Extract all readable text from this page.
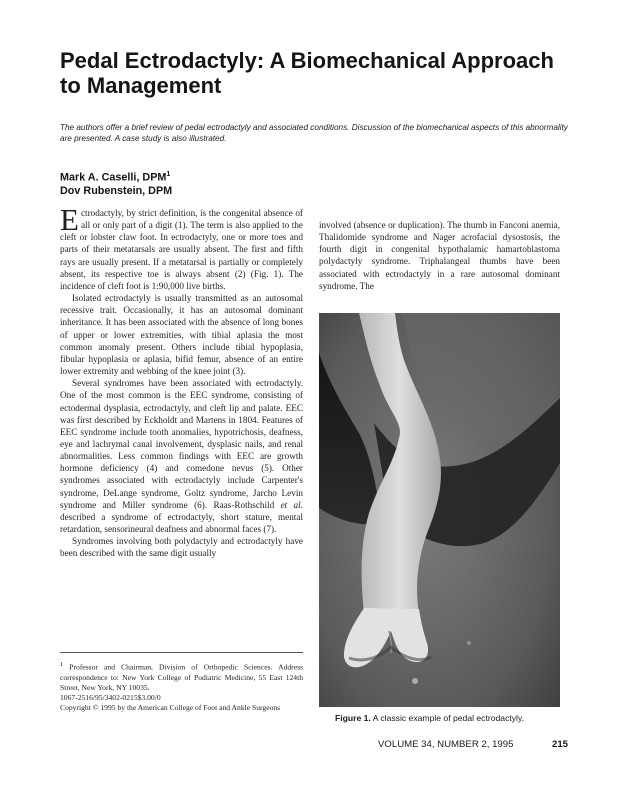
Pedal Ectrodactyly: A Biomechanical Approach to Management

The authors offer a brief review of pedal ectrodactyly and associated conditions. Discussion of the biomechanical aspects of this abnormality are presented. A case study is also illustrated.

Mark A. Caselli, DPM$^1$
Dov Rubenstein, DPM

Ectrodactyly, by strict definition, is the congenital absence of all or only part of a digit (1). The term is also applied to the cleft or lobster claw foot. In ectrodactyly, one or more toes and parts of their metatarsals are usually absent. The first and fifth rays are usually present. If a metatarsal is partially or completely absent, its respective toe is always absent (2) (Fig. 1). The incidence of cleft foot is 1:90,000 live births.

Isolated ectrodactyly is usually transmitted as an autosomal recessive trait. Occasionally, it has an autosomal dominant inheritance. It has been associated with the absence of long bones of upper or lower extremities, with tibial aplasia the most common anomaly present. Others include tibial hypoplasia, fibular hypoplasia or aplasia, bifid femur, absence of an entire lower extremity and webbing of the knee joint (3).

Several syndromes have been associated with ectrodactyly. One of the most common is the EEC syndrome, consisting of ectodermal dysplasia, ectrodactyly, and cleft lip and palate. EEC was first described by Eckholdt and Martens in 1804. Features of EEC syndrome include tooth anomalies, hypotrichosis, deafness, eye and lachrymal canal involvement, dysplasic nails, and renal abnormalities. Less common findings with EEC are growth hormone deficiency (4) and comedone nevus (5). Other syndromes associated with ectrodactyly include Carpenter's syndrome, DeLange syndrome, Goltz syndrome, Jarcho Levin syndrome and Miller syndrome (6). Raas-Rothschild et al. described a syndrome of ectrodactyly, short stature, mental retardation, sensorineural deafness and abnormal faces (7).

Syndromes involving both polydactyly and ectrodactyly have been described with the same digit usually

$^1$ Professor and Chairman, Division of Orthopedic Sciences. Address correspondence to: New York College of Podiatric Medicine, 55 East 124th Street, New York, NY 10035.

1067-2516/95/3402-0215$3.00/0

Copyright © 1995 by the American College of Foot and Ankle Surgeons

involved (absence or duplication). The thumb in Fanconi anemia, Thalidomide syndrome and Nager acrofacial dysostosis, the fourth digit in congenital hypothalamic hamartoblastoma polydactyly syndrome. Triphalangeal thumbs have been associated with ectrodactyly in a rare autosomal dominant syndrome. The

Figure 1. A classic example of pedal ectrodactyly.
VOLUME 34, NUMBER 2, 1995	215
